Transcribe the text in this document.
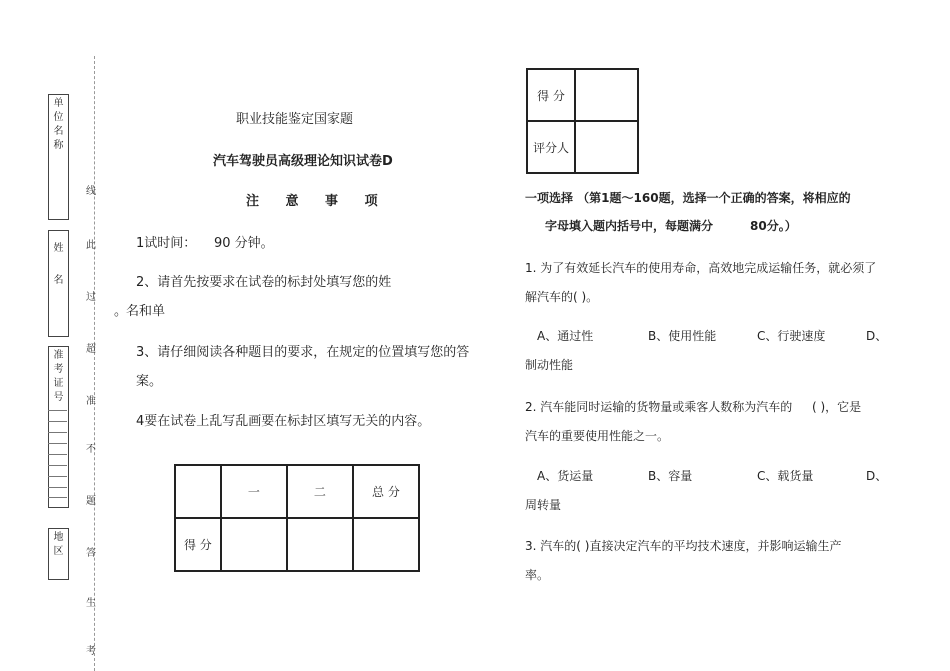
单位名称
姓名
准考证号
地区
线
此
过
超
准
不
题
答
生
考
职业技能鉴定国家题
汽车驾驶员高级理论知识试卷D
注 意 事 项
1试时间： 90 分钟。
2、请首先按要求在试卷的标封处填写您的姓
。
名和单
3、请仔细阅读各种题目的要求，在规定的位置填写您的答
案。
4要在试卷上乱写乱画要在标封区填写无关的内容。
	一	二	总 分
得 分			
得 分	
评分人	
一项选择 （第1题～160题，选择一个正确的答案，将相应的
字母填入题内括号中，每题满分	80分。）
1. 为了有效延长汽车的使用寿命，高效地完成运输任务，就必须了
解汽车的( )。
A、通过性	B、使用性能	C、行驶速度	D、
制动性能
2. 汽车能同时运输的货物量或乘客人数称为汽车的 ( )，它是
汽车的重要使用性能之一。
A、货运量	B、容量	C、载货量	D、
周转量
3. 汽车的( )直接决定汽车的平均技术速度，并影响运输生产
率。
